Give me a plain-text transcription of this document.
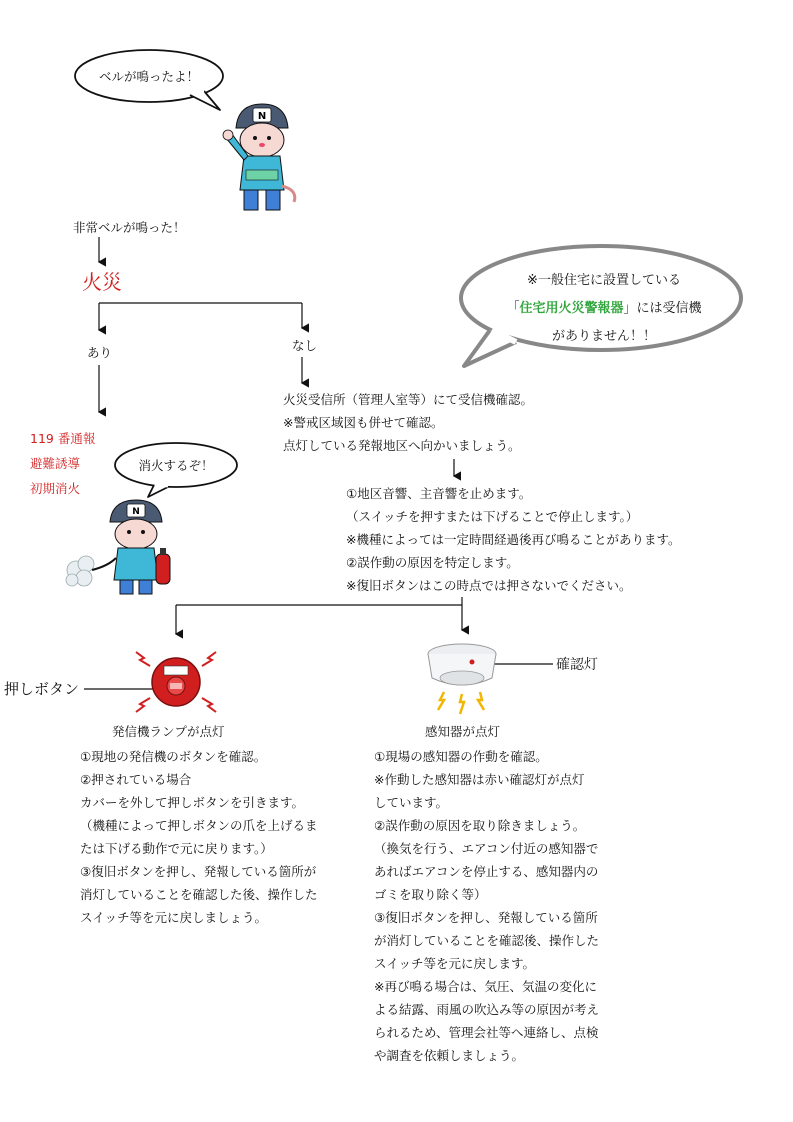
ベルが鳴ったよ！
N
※一般住宅に設置している
「住宅用火災警報器」には受信機
がありません！！
非常ベルが鳴った！
火災
あり	なし
119 番通報
避難誘導
初期消火
消火するぞ！
N
火災受信所（管理人室等）にて受信機確認。
※警戒区域図も併せて確認。
点灯している発報地区へ向かいましょう。
①地区音響、主音響を止めます。
（スイッチを押すまたは下げることで停止します。）
※機種によっては一定時間経過後再び鳴ることがあります。
②誤作動の原因を特定します。
※復旧ボタンはこの時点では押さないでください。
押しボタン
発信機ランプが点灯
①現地の発信機のボタンを確認。
②押されている場合
カバーを外して押しボタンを引きます。
（機種によって押しボタンの爪を上げるま
たは下げる動作で元に戻ります。）
③復旧ボタンを押し、発報している箇所が
消灯していることを確認した後、操作した
スイッチ等を元に戻しましょう。
確認灯
感知器が点灯
①現場の感知器の作動を確認。
※作動した感知器は赤い確認灯が点灯
しています。
②誤作動の原因を取り除きましょう。
（換気を行う、エアコン付近の感知器で
あればエアコンを停止する、感知器内の
ゴミを取り除く等）
③復旧ボタンを押し、発報している箇所
が消灯していることを確認後、操作した
スイッチ等を元に戻します。
※再び鳴る場合は、気圧、気温の変化に
よる結露、雨風の吹込み等の原因が考え
られるため、管理会社等へ連絡し、点検
や調査を依頼しましょう。
